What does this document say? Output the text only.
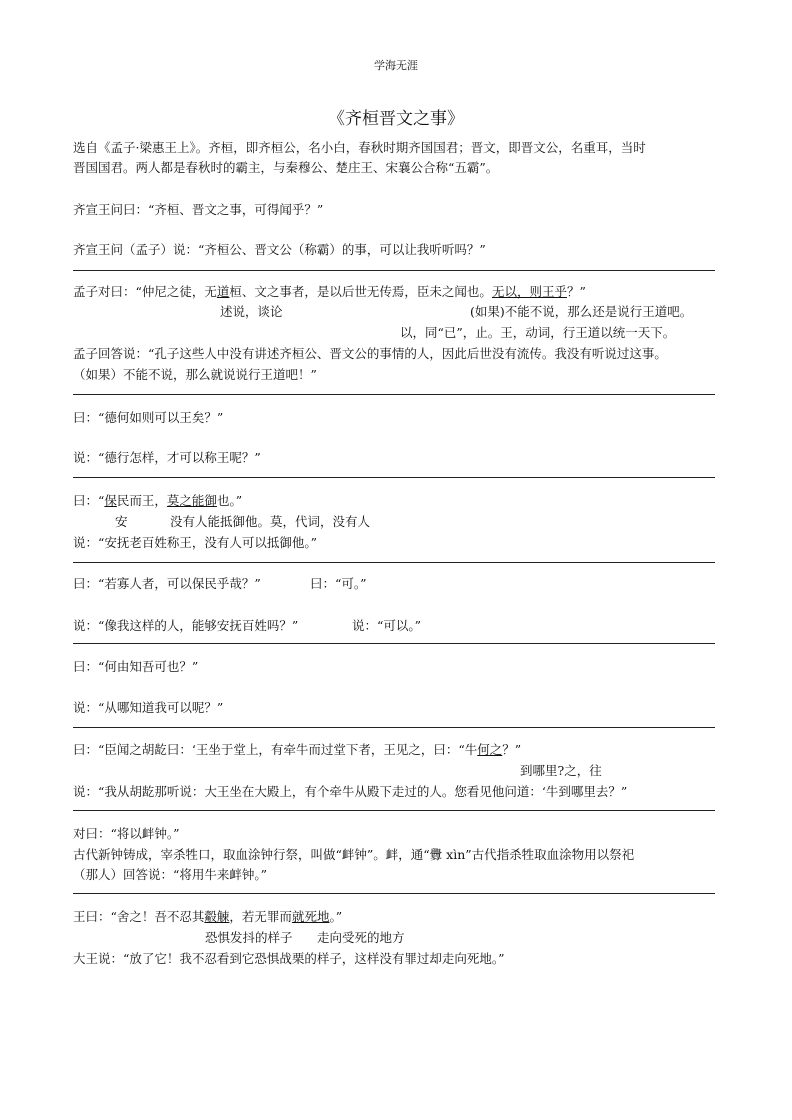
学海无涯
《齐桓晋文之事》
选自《孟子·梁惠王上》。齐桓，即齐桓公，名小白，春秋时期齐国国君；晋文，即晋文公，名重耳，当时
晋国国君。两人都是春秋时的霸主，与秦穆公、楚庄王、宋襄公合称“五霸”。
齐宣王问曰：“齐桓、晋文之事，可得闻乎？”
齐宣王问（孟子）说：“齐桓公、晋文公（称霸）的事，可以让我听听吗？”
孟子对曰：“仲尼之徒，无道桓、文之事者，是以后世无传焉，臣未之闻也。无以，则王乎？”
述说，谈论	(如果)不能不说，那么还是说行王道吧。
以，同“已”，止。王，动词，行王道以统一天下。
孟子回答说：“孔子这些人中没有讲述齐桓公、晋文公的事情的人，因此后世没有流传。我没有听说过这事。
（如果）不能不说，那么就说说行王道吧！”
曰：“德何如则可以王矣？”
说：“德行怎样，才可以称王呢？”
曰：“保民而王，莫之能御也。”
安	没有人能抵御他。莫，代词，没有人
说：“安抚老百姓称王，没有人可以抵御他。”
曰：“若寡人者，可以保民乎哉？”	曰：“可。”
说：“像我这样的人，能够安抚百姓吗？”	说：“可以。”
曰：“何由知吾可也？”
说：“从哪知道我可以呢？”
曰：“臣闻之胡龁曰：‘王坐于堂上，有牵牛而过堂下者，王见之，曰：“牛何之？”
到哪里?之，往
说：“我从胡龁那听说：大王坐在大殿上，有个牵牛从殿下走过的人。您看见他问道：‘牛到哪里去？”
对曰：“将以衅钟。”
古代新钟铸成，宰杀牲口，取血涂钟行祭，叫做“衅钟”。衅，通“釁 xìn”古代指杀牲取血涂物用以祭祀
（那人）回答说：“将用牛来衅钟。”
王曰：“舍之！吾不忍其觳觫，若无罪而就死地。”
恐惧发抖的样子 走向受死的地方
大王说：“放了它！我不忍看到它恐惧战栗的样子，这样没有罪过却走向死地。”
